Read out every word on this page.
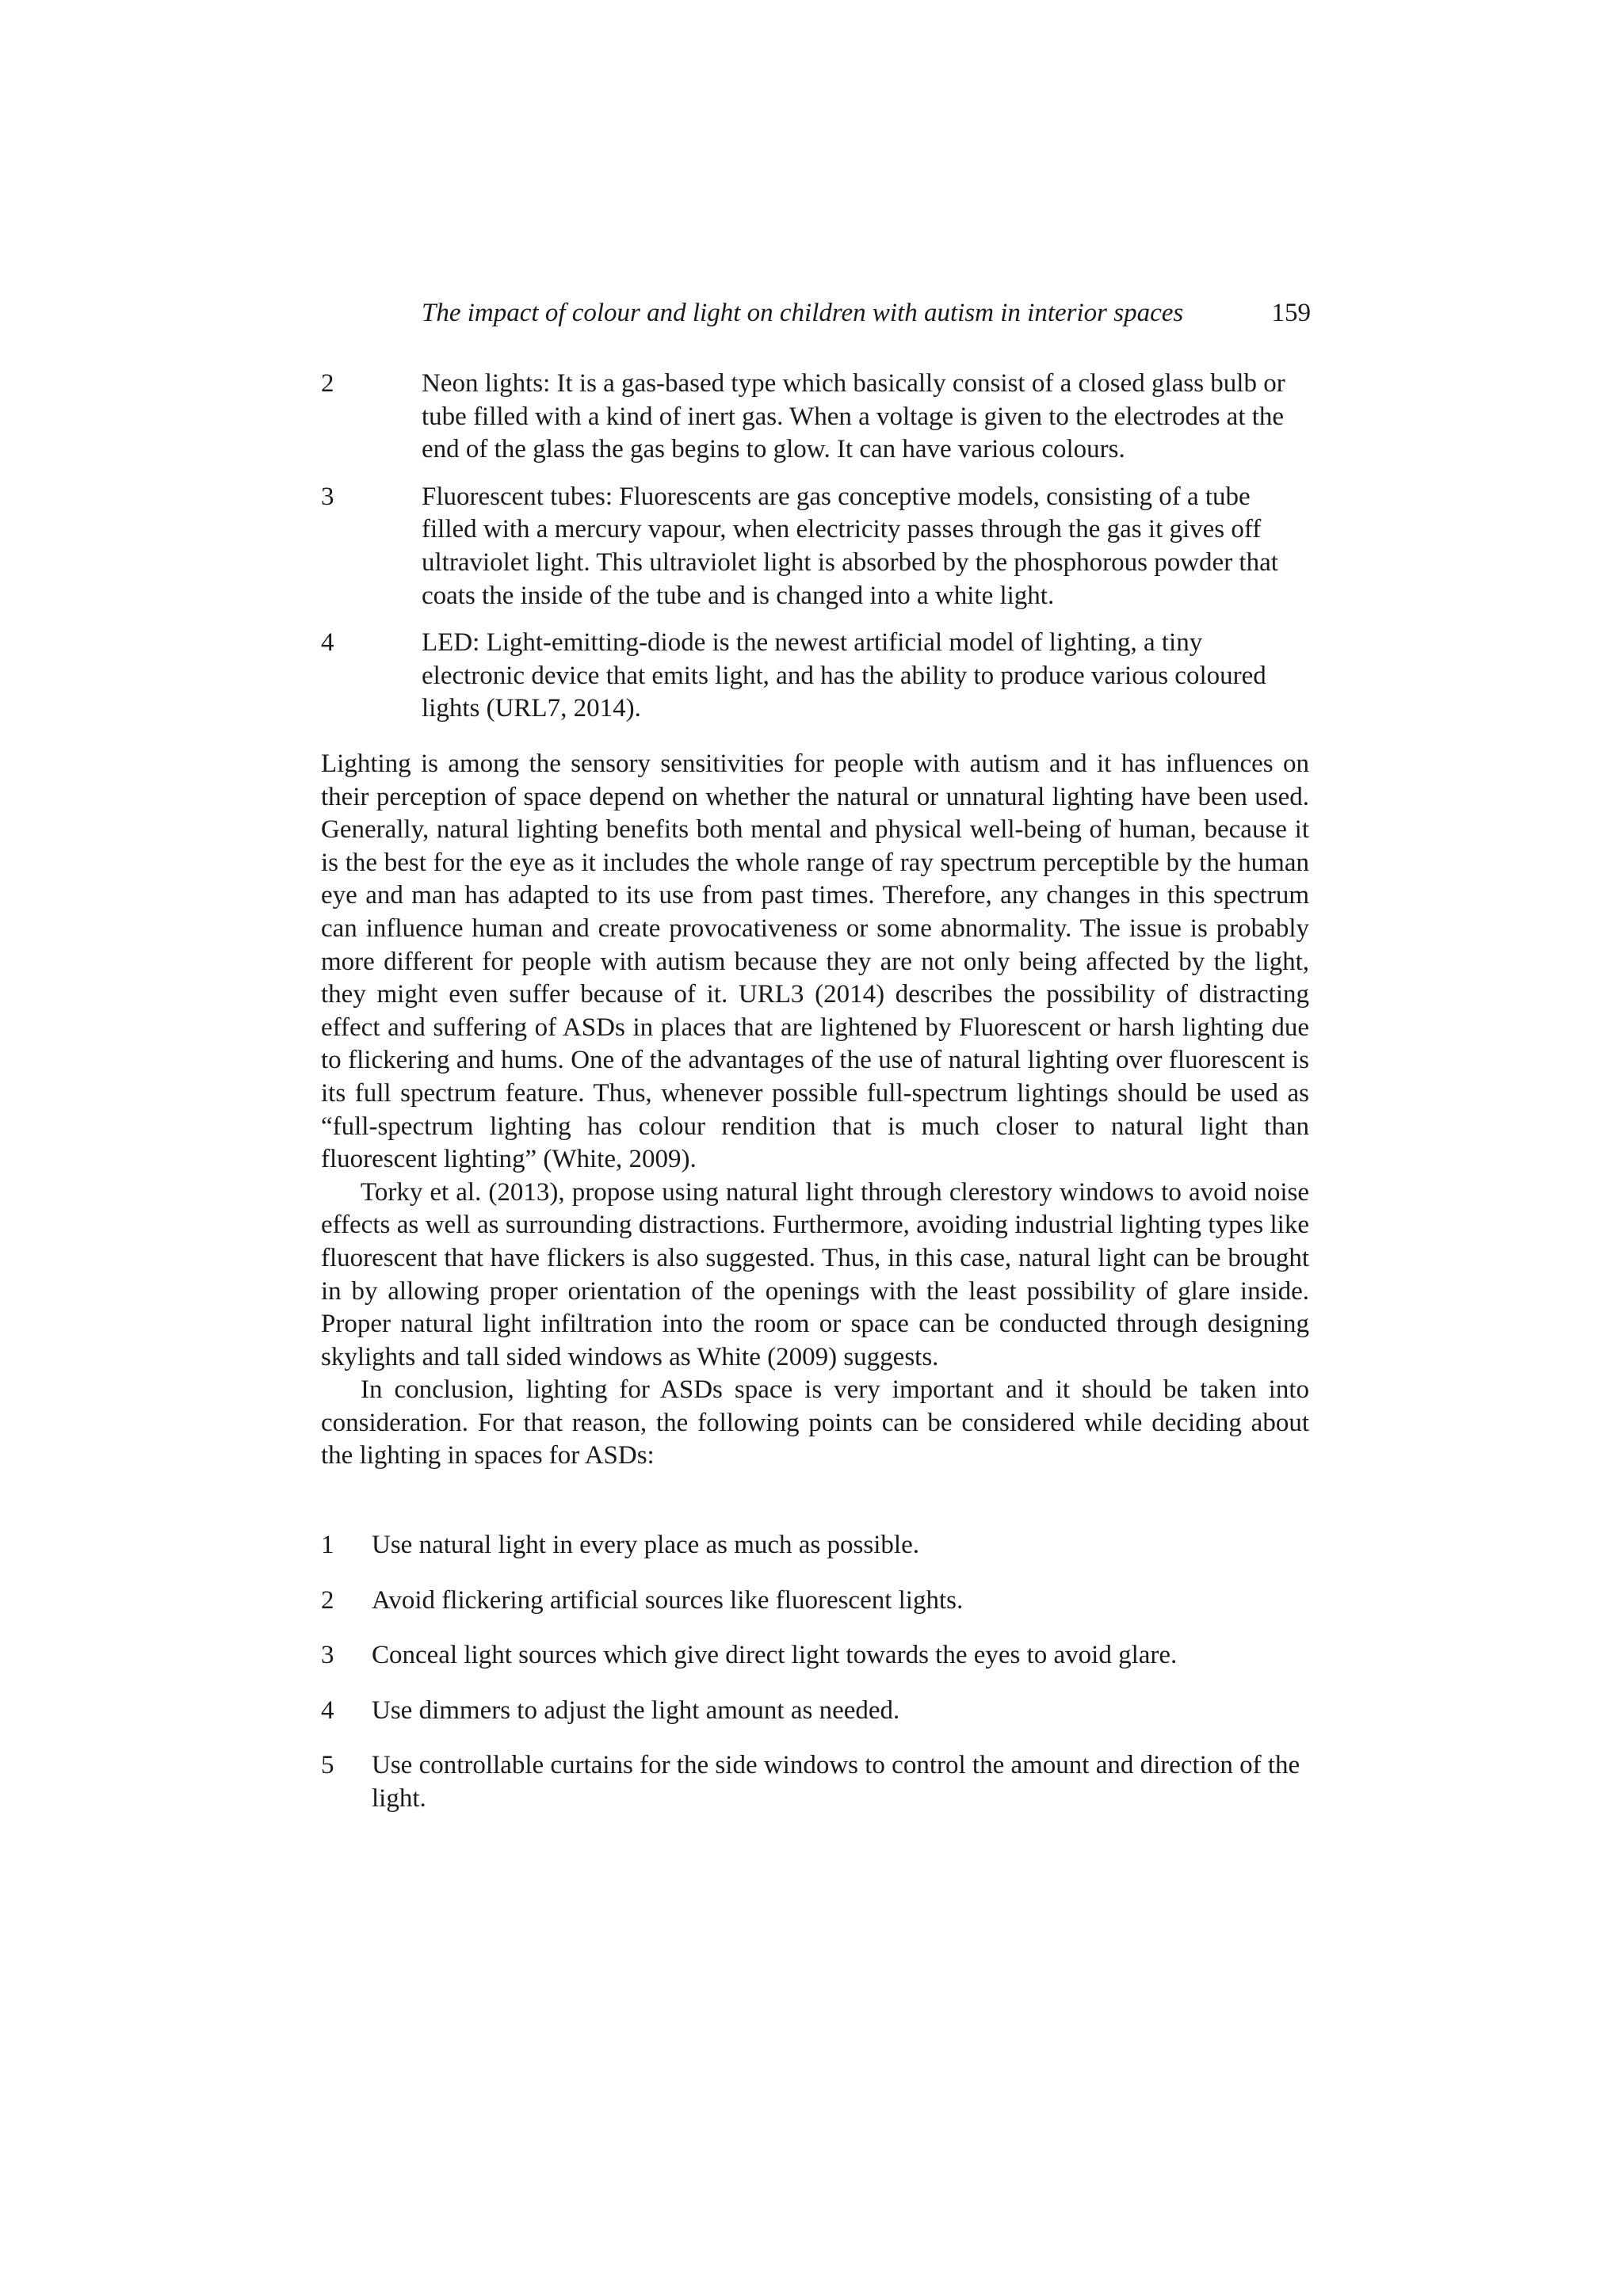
The impact of colour and light on children with autism in interior spaces	159
2	Neon lights: It is a gas-based type which basically consist of a closed glass bulb or tube filled with a kind of inert gas. When a voltage is given to the electrodes at the end of the glass the gas begins to glow. It can have various colours.
3	Fluorescent tubes: Fluorescents are gas conceptive models, consisting of a tube filled with a mercury vapour, when electricity passes through the gas it gives off ultraviolet light. This ultraviolet light is absorbed by the phosphorous powder that coats the inside of the tube and is changed into a white light.
4	LED: Light-emitting-diode is the newest artificial model of lighting, a tiny electronic device that emits light, and has the ability to produce various coloured lights (URL7, 2014).

Lighting is among the sensory sensitivities for people with autism and it has influences on their perception of space depend on whether the natural or unnatural lighting have been used. Generally, natural lighting benefits both mental and physical well-being of human, because it is the best for the eye as it includes the whole range of ray spectrum perceptible by the human eye and man has adapted to its use from past times. Therefore, any changes in this spectrum can influence human and create provocativeness or some abnormality. The issue is probably more different for people with autism because they are not only being affected by the light, they might even suffer because of it. URL3 (2014) describes the possibility of distracting effect and suffering of ASDs in places that are lightened by Fluorescent or harsh lighting due to flickering and hums. One of the advantages of the use of natural lighting over fluorescent is its full spectrum feature. Thus, whenever possible full-spectrum lightings should be used as “full-spectrum lighting has colour rendition that is much closer to natural light than fluorescent lighting” (White, 2009).

Torky et al. (2013), propose using natural light through clerestory windows to avoid noise effects as well as surrounding distractions. Furthermore, avoiding industrial lighting types like fluorescent that have flickers is also suggested. Thus, in this case, natural light can be brought in by allowing proper orientation of the openings with the least possibility of glare inside. Proper natural light infiltration into the room or space can be conducted through designing skylights and tall sided windows as White (2009) suggests.

In conclusion, lighting for ASDs space is very important and it should be taken into consideration. For that reason, the following points can be considered while deciding about the lighting in spaces for ASDs:

1	Use natural light in every place as much as possible.
2	Avoid flickering artificial sources like fluorescent lights.
3	Conceal light sources which give direct light towards the eyes to avoid glare.
4	Use dimmers to adjust the light amount as needed.
5	Use controllable curtains for the side windows to control the amount and direction of the light.
